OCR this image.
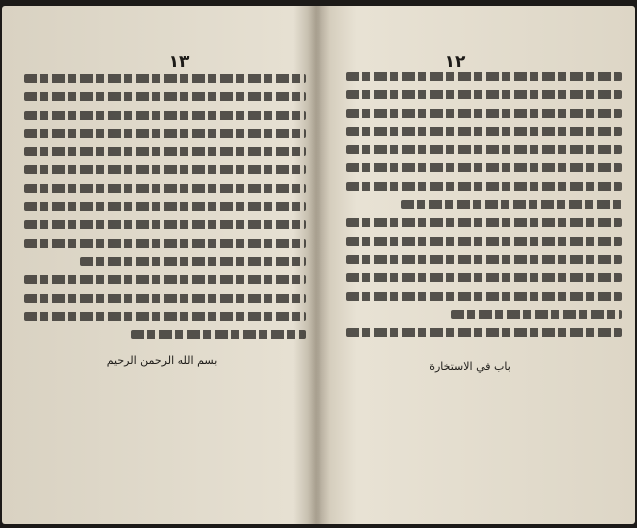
١٣
بسم الله الرحمن الرحيم
١٢
باب في الاستخارة
